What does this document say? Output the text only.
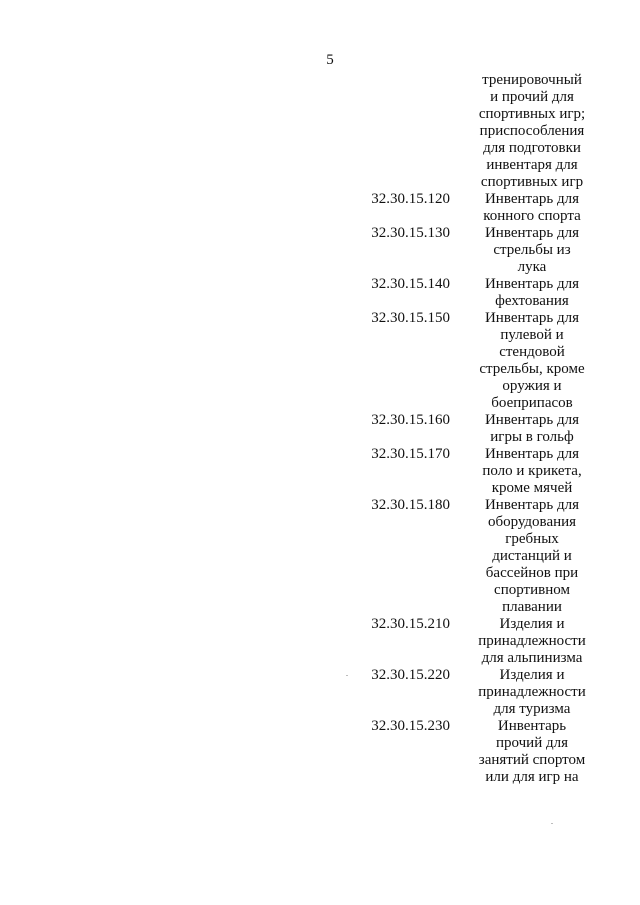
5
тренировочный
и прочий для
спортивных игр;
приспособления
для подготовки
инвентаря для
спортивных игр
32.30.15.120	Инвентарь для
конного спорта
32.30.15.130	Инвентарь для
стрельбы из
лука
32.30.15.140	Инвентарь для
фехтования
32.30.15.150	Инвентарь для
пулевой и
стендовой
стрельбы, кроме
оружия и
боеприпасов
32.30.15.160	Инвентарь для
игры в гольф
32.30.15.170	Инвентарь для
поло и крикета,
кроме мячей
32.30.15.180	Инвентарь для
оборудования
гребных
дистанций и
бассейнов при
спортивном
плавании
32.30.15.210	Изделия и
принадлежности
для альпинизма
32.30.15.220	Изделия и
принадлежности
для туризма
32.30.15.230	Инвентарь
прочий для
занятий спортом
или для игр на
